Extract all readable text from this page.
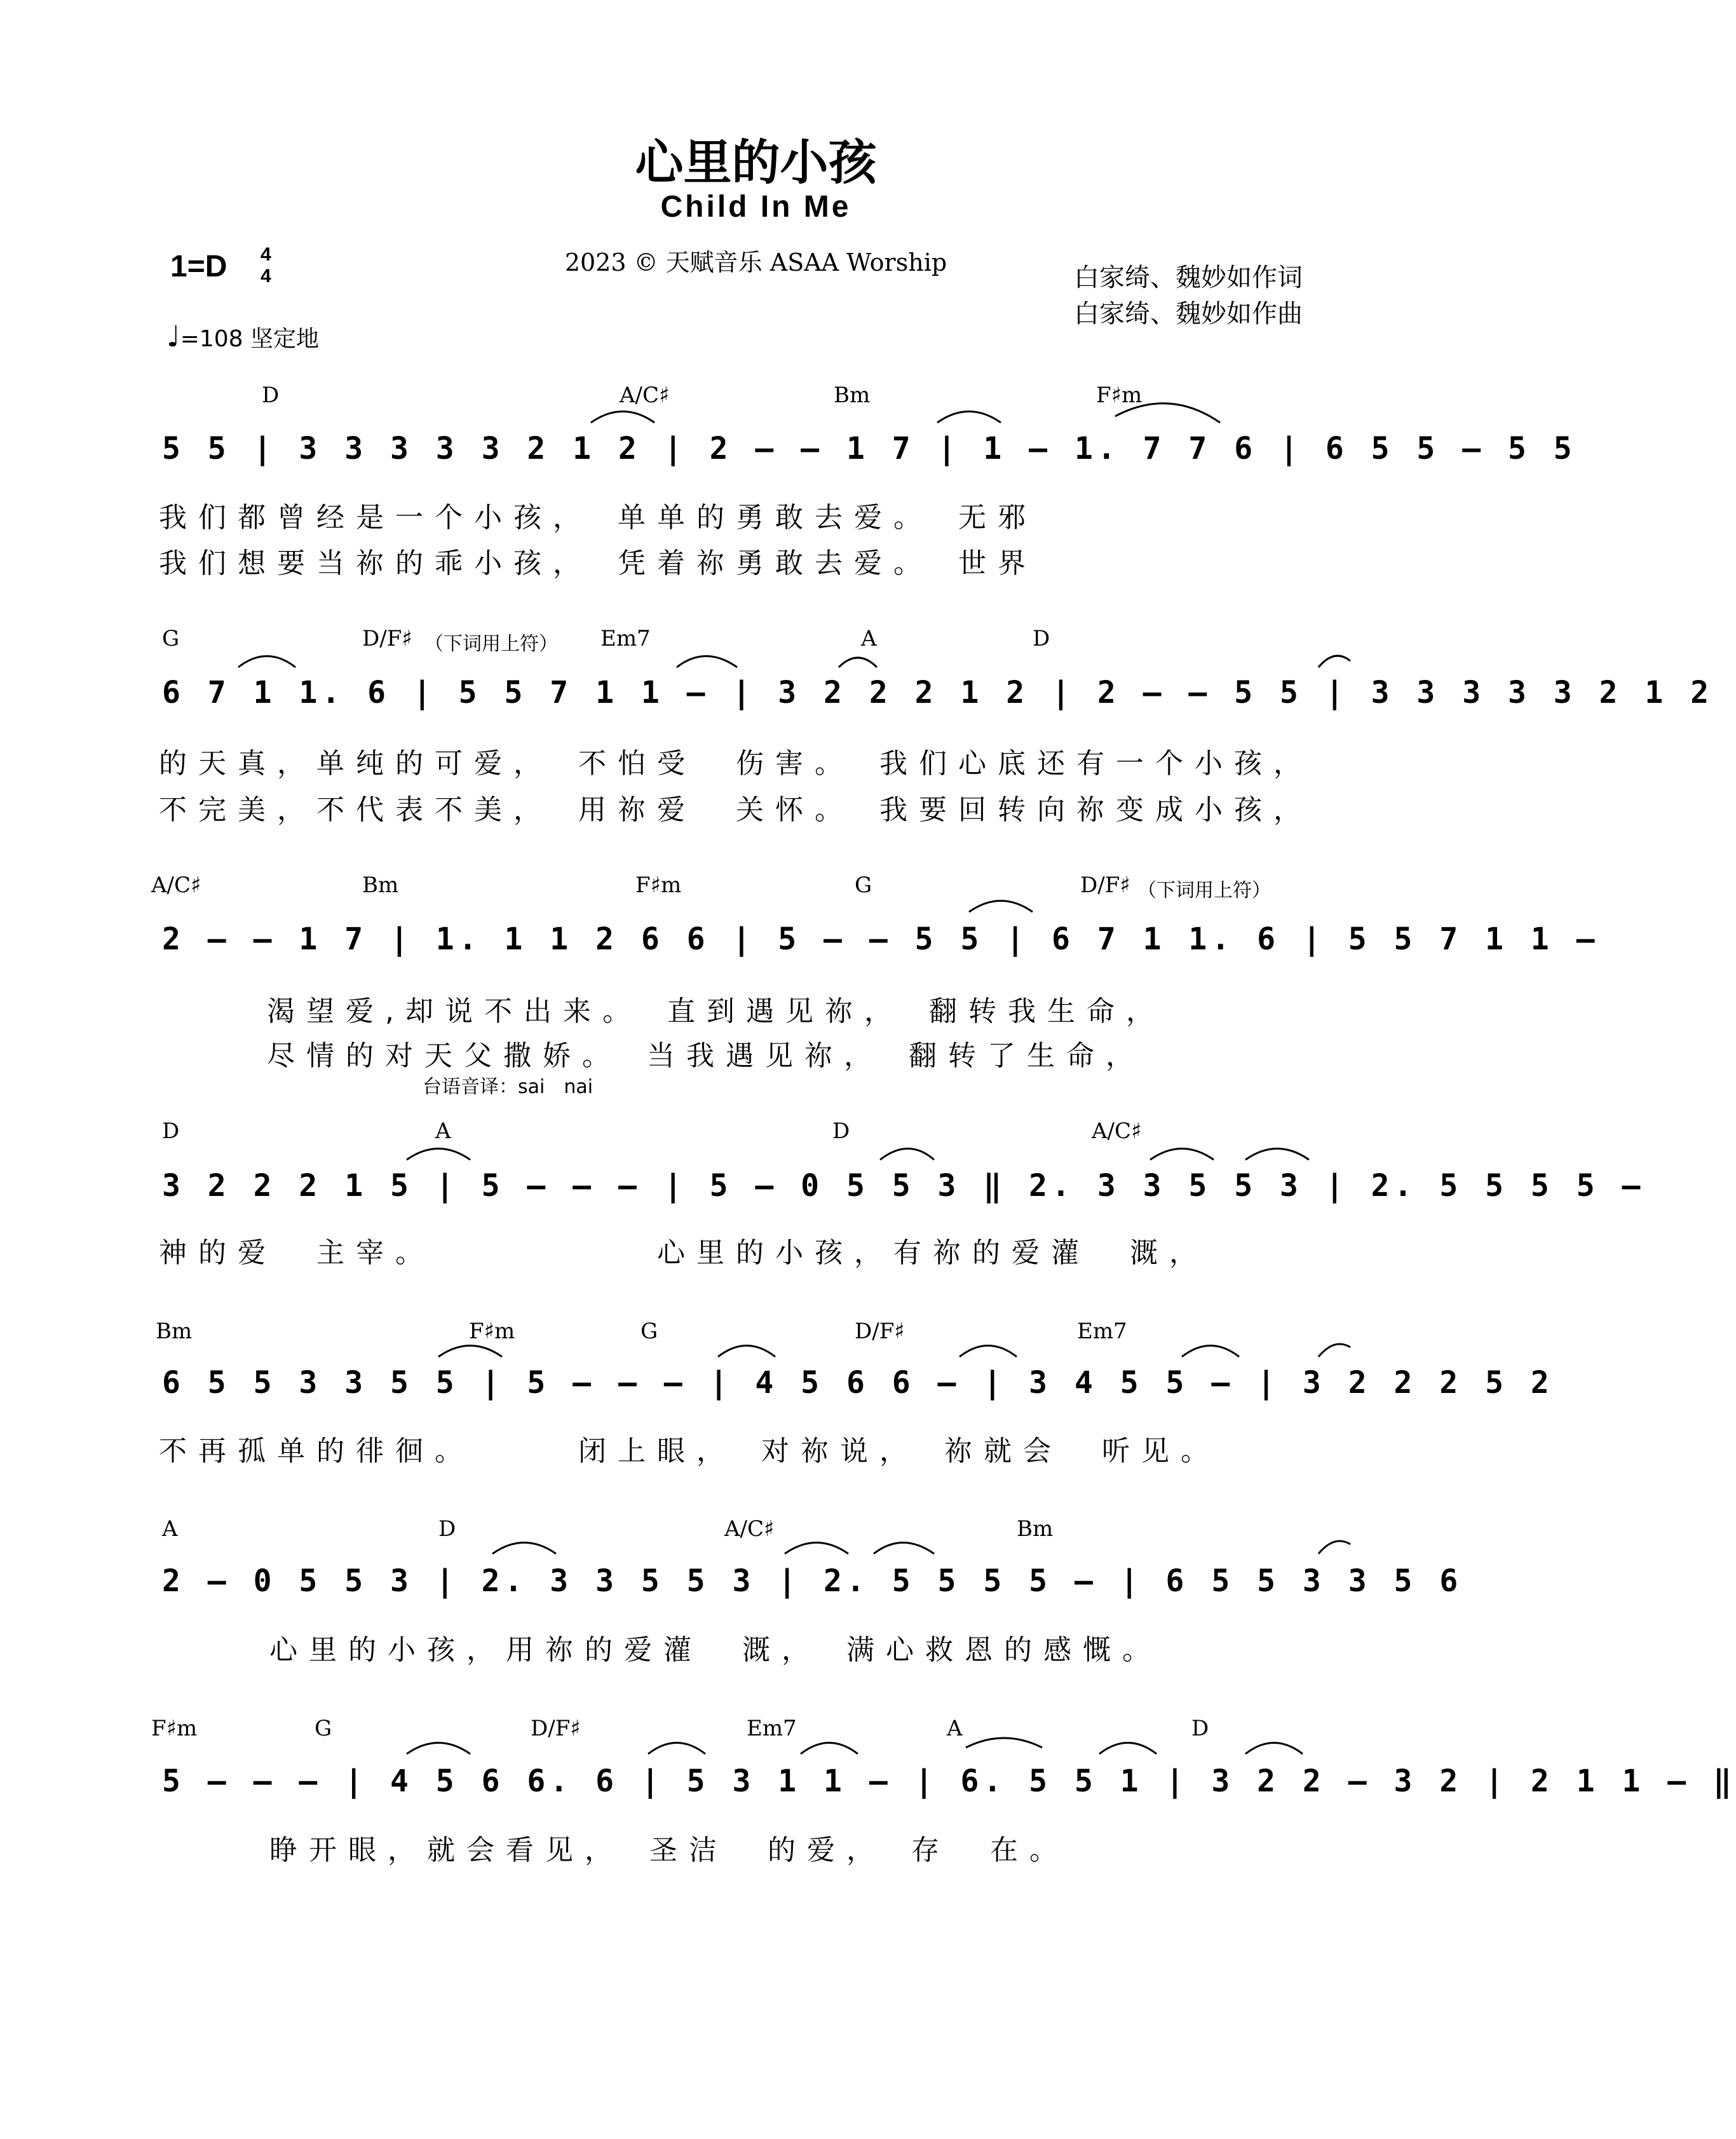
心里的小孩
Child In Me
2023 © 天赋音乐 ASAA Worship
白家绮、魏妙如作词
白家绮、魏妙如作曲
1=D 4
4
♩=108 坚定地
D	A/C♯	Bm	F♯m
5 5 | 3 3 3 3 3 2 1 2 | 2 – – 1 7 | 1 – 1. 7 7 6 | 6 5 5 – 5 5
我们都曾经是一个小孩，　单单的勇敢去爱。　无邪
我们想要当祢的乖小孩，　凭着祢勇敢去爱。　世界
G	D/F♯ （下词用上符） Em7	A	D
6 7 1 1. 6 | 5 5 7 1 1 – | 3 2 2 2 1 2 | 2 – – 5 5 | 3 3 3 3 3 2 1 2
的天真，单纯的可爱，　不怕受　伤害。　我们心底还有一个小孩，
不完美，不代表不美，　用祢爱　关怀。　我要回转向祢变成小孩，
A/C♯	Bm	F♯m	G	D/F♯ （下词用上符）
2 – – 1 7 | 1. 1 1 2 6 6 | 5 – – 5 5 | 6 7 1 1. 6 | 5 5 7 1 1 –
渴望爱,却说不出来。　直到遇见祢，　翻转我生命，
尽情的对天父撒娇。　当我遇见祢，　翻转了生命，
台语音译：sai　nai
D	A	D	A/C♯
3 2 2 2 1 5 | 5 – – – | 5 – 0 5 5 3 ‖ 2. 3 3 5 5 3 | 2. 5 5 5 5 –
神的爱　主宰。　　　　　　心里的小孩，有祢的爱灌　溉，
Bm	F♯m	G	D/F♯	Em7
6 5 5 3 3 5 5 | 5 – – – | 4 5 6 6 – | 3 4 5 5 – | 3 2 2 2 5 2
不再孤单的徘徊。　　　闭上眼，　对祢说，　祢就会　听见。
A	D	A/C♯	Bm
2 – 0 5 5 3 | 2. 3 3 5 5 3 | 2. 5 5 5 5 – | 6 5 5 3 3 5 6
　　心里的小孩，用祢的爱灌　溉，　满心救恩的感慨。
F♯m	G	D/F♯	Em7	A	D
5 – – – | 4 5 6 6. 6 | 5 3 1 1 – | 6. 5 5 1 | 3 2 2 – 3 2 | 2 1 1 – ‖
　　睁开眼，就会看见，　圣洁　的爱，　存　在。
